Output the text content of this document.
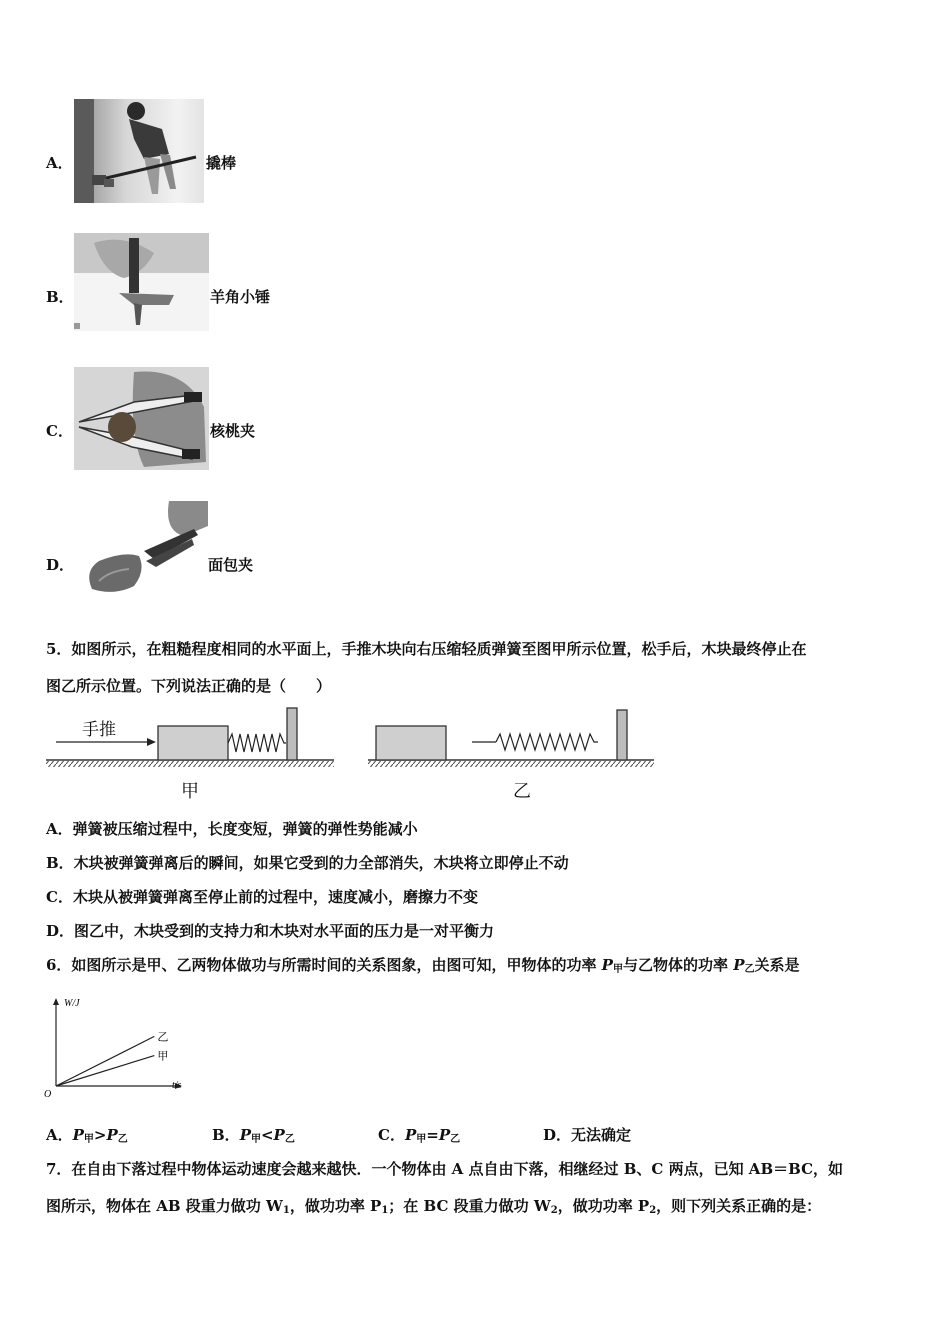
A．	撬棒
B．	羊角小锤
C．	核桃夹
D．	面包夹
5．如图所示，在粗糙程度相同的水平面上，手推木块向右压缩轻质弹簧至图甲所示位置，松手后，木块最终停止在
图乙所示位置。下列说法正确的是（　　）
手推
甲	乙
A．弹簧被压缩过程中，长度变短，弹簧的弹性势能减小
B．木块被弹簧弹离后的瞬间，如果它受到的力全部消失，木块将立即停止不动
C．木块从被弹簧弹离至停止前的过程中，速度减小，磨擦力不变
D．图乙中，木块受到的支持力和木块对水平面的压力是一对平衡力
6．如图所示是甲、乙两物体做功与所需时间的关系图象，由图可知，甲物体的功率 $P_甲$与乙物体的功率 $P_乙$关系是
W/J
t/s
O
乙
甲
A．$P_甲>P_乙$	B．$P_甲<P_乙$	C．$P_甲=P_乙$	D．无法确定
7．在自由下落过程中物体运动速度会越来越快．一个物体由 A 点自由下落，相继经过 B、C 两点，已知 AB＝BC，如
图所示，物体在 AB 段重力做功 $W_1$，做功功率 $P_1$；在 BC 段重力做功 $W_2$，做功功率 $P_2$，则下列关系正确的是：
